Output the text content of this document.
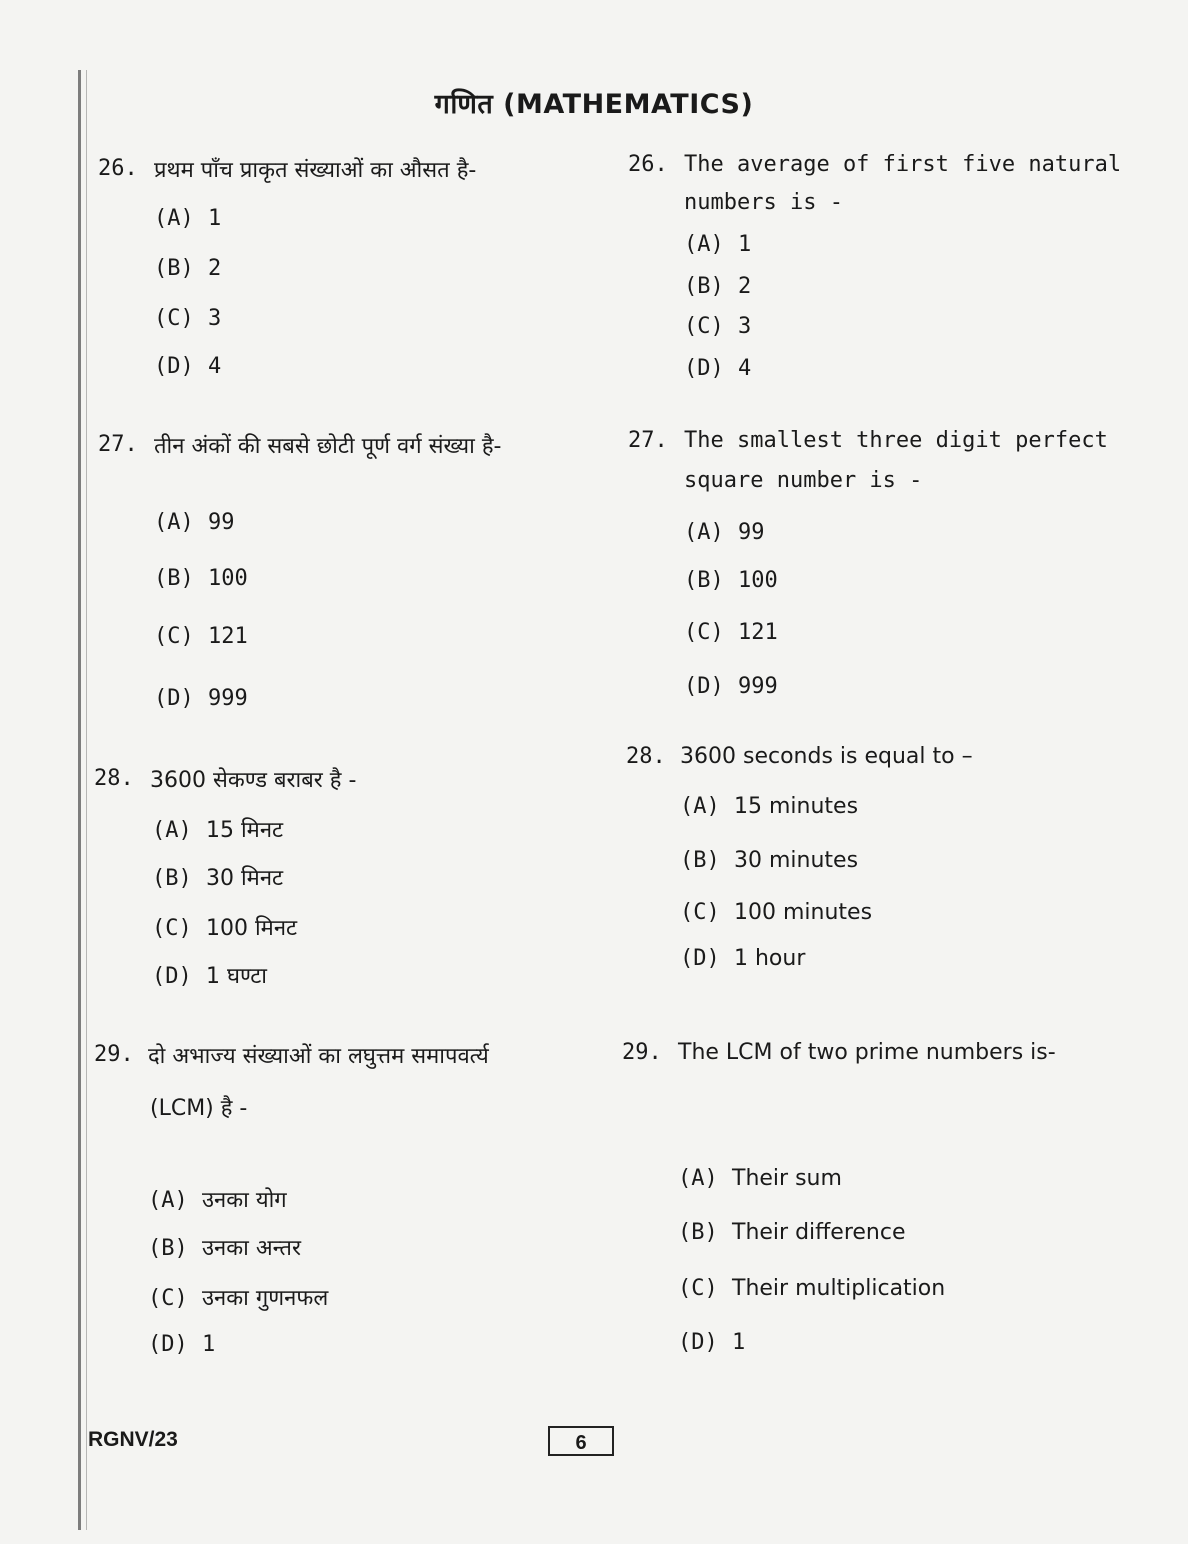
गणित (MATHEMATICS)
26. प्रथम पाँच प्राकृत संख्याओं का औसत है-
(A) 1
(B) 2
(C) 3
(D) 4
26. The average of first five natural
numbers is -
(A) 1
(B) 2
(C) 3
(D) 4
27. तीन अंकों की सबसे छोटी पूर्ण वर्ग संख्या है-
(A) 99
(B) 100
(C) 121
(D) 999
27. The smallest three digit perfect
square number is -
(A) 99
(B) 100
(C) 121
(D) 999
28. 3600 सेकण्ड बराबर है -
(A) 15 मिनट
(B) 30 मिनट
(C) 100 मिनट
(D) 1 घण्टा
28. 3600 seconds is equal to –
(A) 15 minutes
(B) 30 minutes
(C) 100 minutes
(D) 1 hour
29. दो अभाज्य संख्याओं का लघुत्तम समापवर्त्य
(LCM) है -
(A) उनका योग
(B) उनका अन्तर
(C) उनका गुणनफल
(D) 1
29. The LCM of two prime numbers is-
(A) Their sum
(B) Their difference
(C) Their multiplication
(D) 1
RGNV/23	6
